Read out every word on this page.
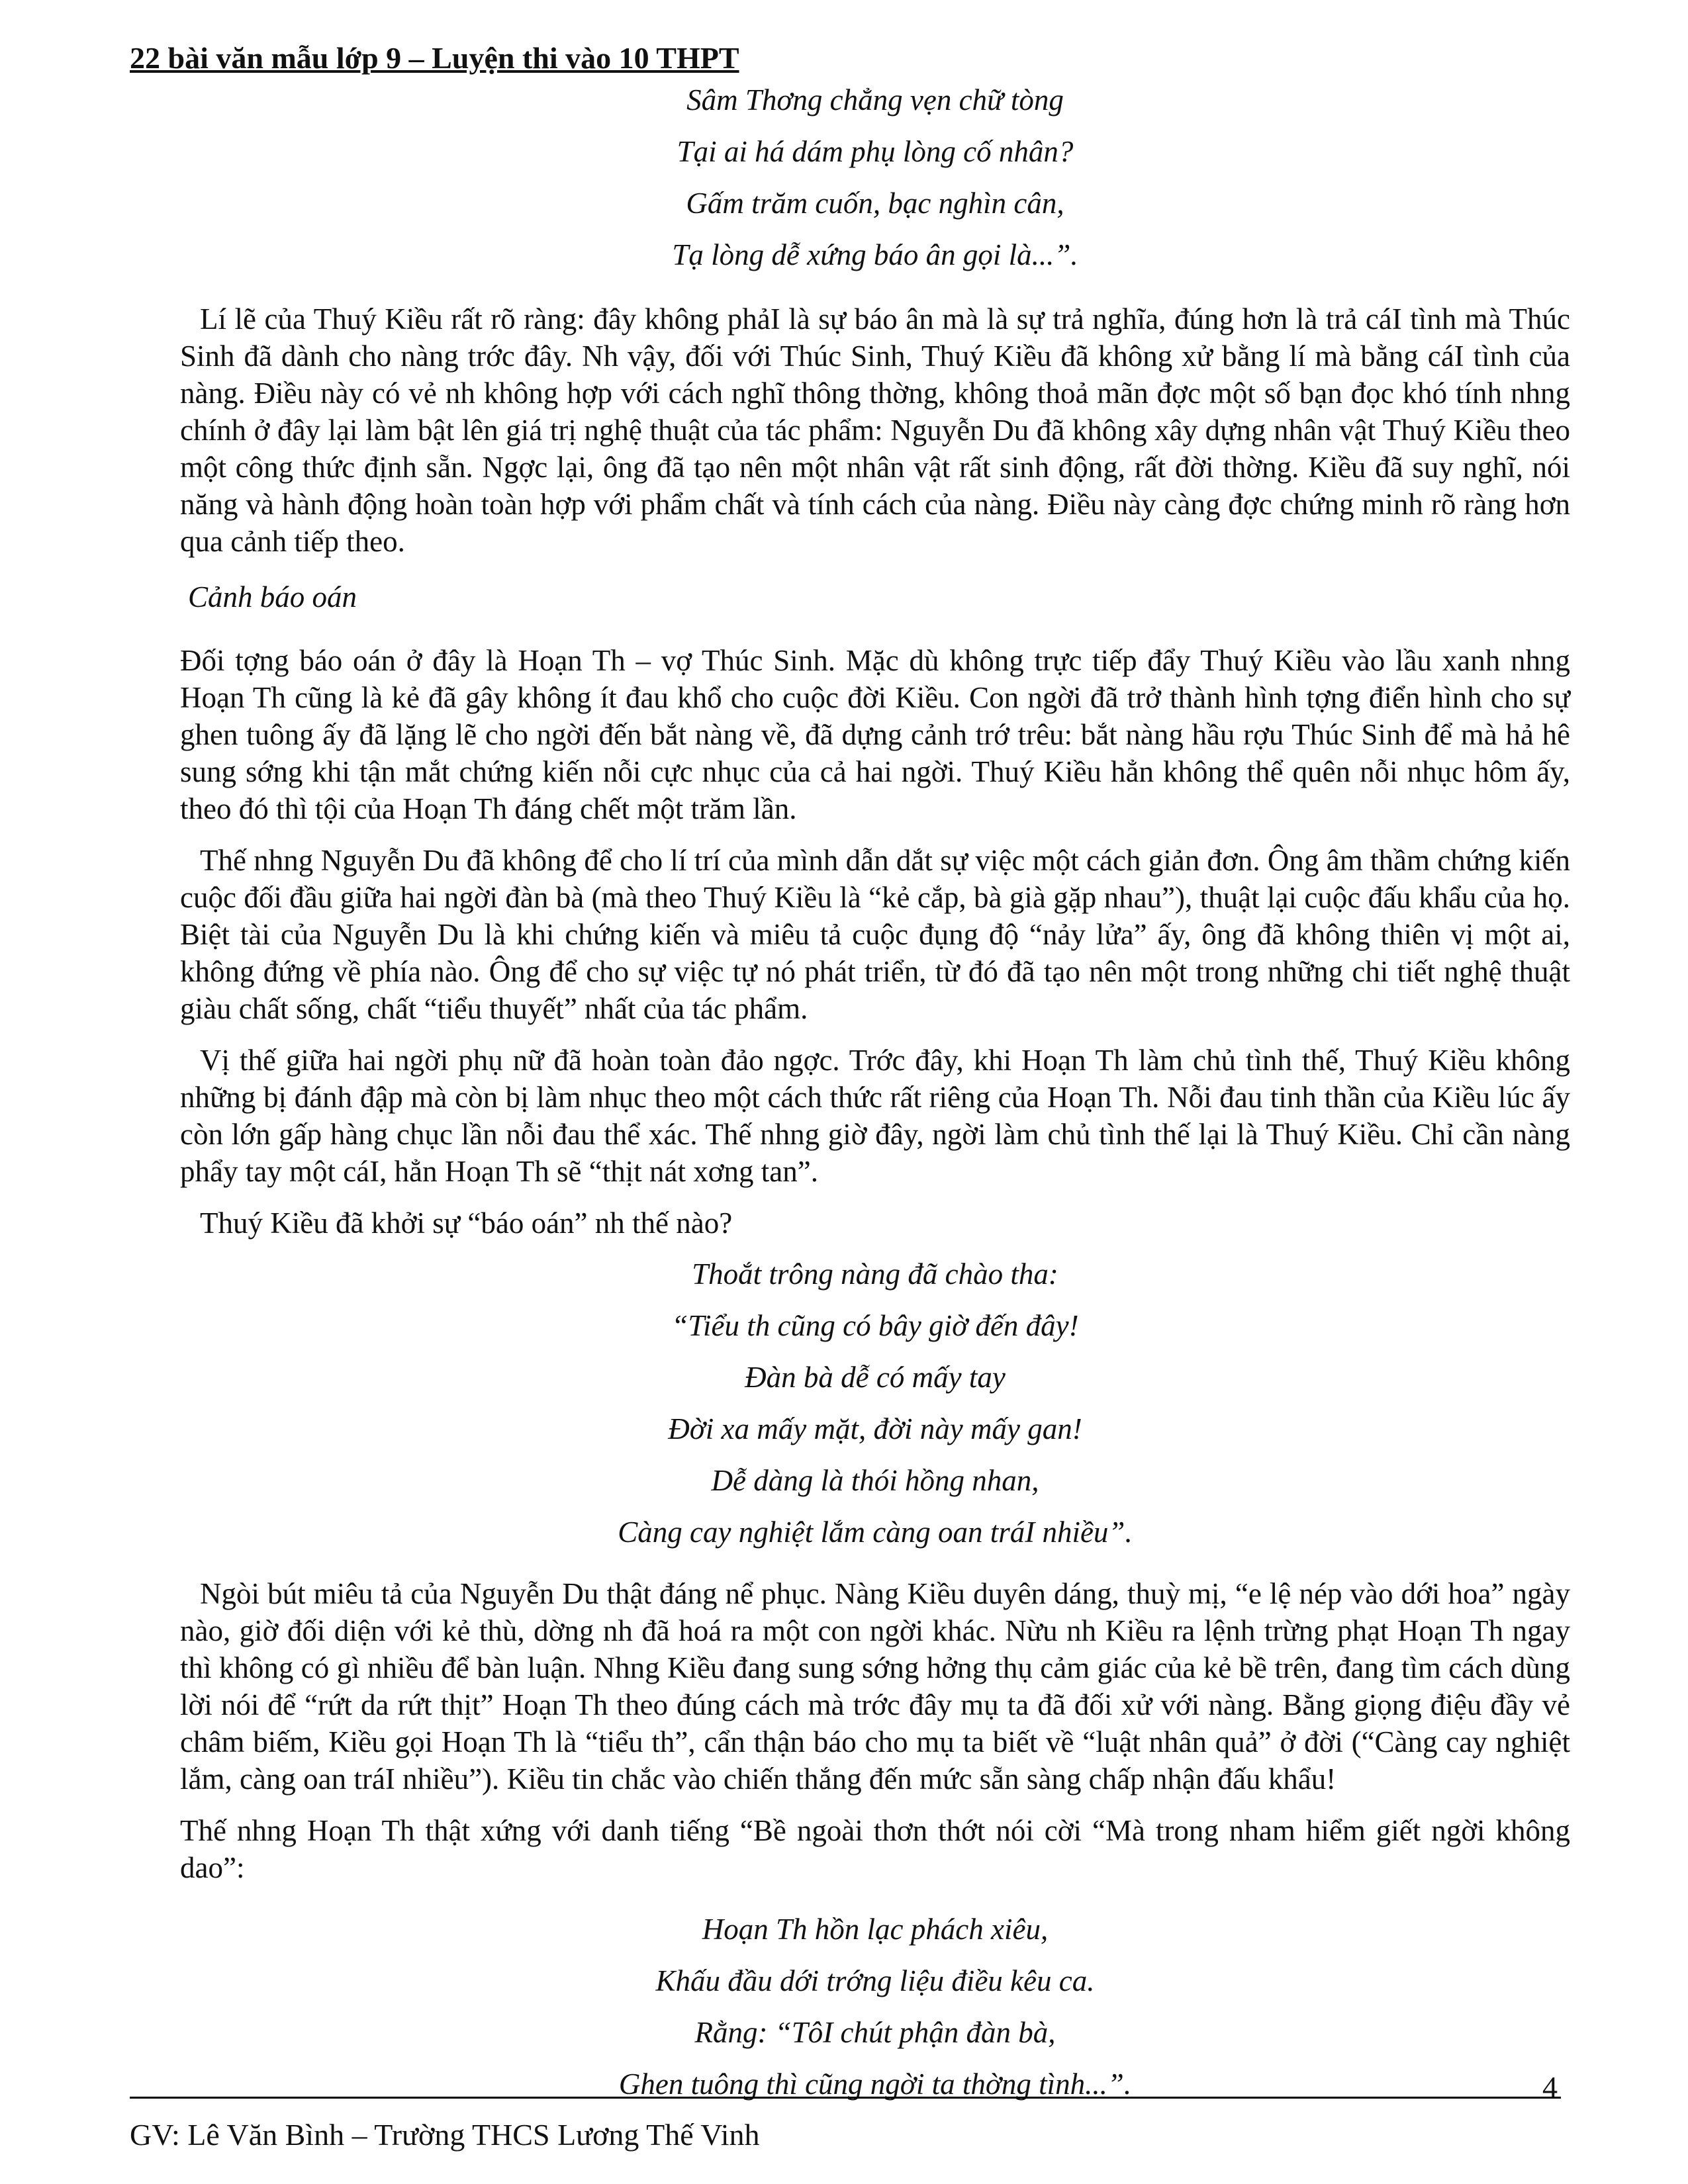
22 bài văn mẫu lớp 9 – Luyện thi vào 10 THPT
Sâm Thơng chẳng vẹn chữ tòng
Tại ai há dám phụ lòng cố nhân?
Gấm trăm cuốn, bạc nghìn cân,
Tạ lòng dễ xứng báo ân gọi là...”.

Lí lẽ của Thuý Kiều rất rõ ràng: đây không phảI là sự báo ân mà là sự trả nghĩa, đúng hơn là trả cáI tình mà Thúc Sinh đã dành cho nàng trớc đây. Nh vậy, đối với Thúc Sinh, Thuý Kiều đã không xử bằng lí mà bằng cáI tình của nàng. Điều này có vẻ nh không hợp với cách nghĩ thông thờng, không thoả mãn đợc một số bạn đọc khó tính nhng chính ở đây lại làm bật lên giá trị nghệ thuật của tác phẩm: Nguyễn Du đã không xây dựng nhân vật Thuý Kiều theo một công thức định sẵn. Ngợc lại, ông đã tạo nên một nhân vật rất sinh động, rất đời thờng. Kiều đã suy nghĩ, nói năng và hành động hoàn toàn hợp với phẩm chất và tính cách của nàng. Điều này càng đợc chứng minh rõ ràng hơn qua cảnh tiếp theo.

Cảnh báo oán

Đối tợng báo oán ở đây là Hoạn Th – vợ Thúc Sinh. Mặc dù không trực tiếp đẩy Thuý Kiều vào lầu xanh nhng Hoạn Th cũng là kẻ đã gây không ít đau khổ cho cuộc đời Kiều. Con ngời đã trở thành hình tợng điển hình cho sự ghen tuông ấy đã lặng lẽ cho ngời đến bắt nàng về, đã dựng cảnh trớ trêu: bắt nàng hầu rợu Thúc Sinh để mà hả hê sung sớng khi tận mắt chứng kiến nỗi cực nhục của cả hai ngời. Thuý Kiều hẳn không thể quên nỗi nhục hôm ấy, theo đó thì tội của Hoạn Th đáng chết một trăm lần.

Thế nhng Nguyễn Du đã không để cho lí trí của mình dẫn dắt sự việc một cách giản đơn. Ông âm thầm chứng kiến cuộc đối đầu giữa hai ngời đàn bà (mà theo Thuý Kiều là “kẻ cắp, bà già gặp nhau”), thuật lại cuộc đấu khẩu của họ. Biệt tài của Nguyễn Du là khi chứng kiến và miêu tả cuộc đụng độ “nảy lửa” ấy, ông đã không thiên vị một ai, không đứng về phía nào. Ông để cho sự việc tự nó phát triển, từ đó đã tạo nên một trong những chi tiết nghệ thuật giàu chất sống, chất “tiểu thuyết” nhất của tác phẩm.

Vị thế giữa hai ngời phụ nữ đã hoàn toàn đảo ngợc. Trớc đây, khi Hoạn Th làm chủ tình thế, Thuý Kiều không những bị đánh đập mà còn bị làm nhục theo một cách thức rất riêng của Hoạn Th. Nỗi đau tinh thần của Kiều lúc ấy còn lớn gấp hàng chục lần nỗi đau thể xác. Thế nhng giờ đây, ngời làm chủ tình thế lại là Thuý Kiều. Chỉ cần nàng phẩy tay một cáI, hẳn Hoạn Th sẽ “thịt nát xơng tan”.

Thuý Kiều đã khởi sự “báo oán” nh thế nào?

Thoắt trông nàng đã chào tha:
“Tiểu th cũng có bây giờ đến đây!
Đàn bà dễ có mấy tay
Đời xa mấy mặt, đời này mấy gan!
Dễ dàng là thói hồng nhan,
Càng cay nghiệt lắm càng oan tráI nhiều”.

Ngòi bút miêu tả của Nguyễn Du thật đáng nể phục. Nàng Kiều duyên dáng, thuỳ mị, “e lệ nép vào dới hoa” ngày nào, giờ đối diện với kẻ thù, dờng nh đã hoá ra một con ngời khác. Nừu nh Kiều ra lệnh trừng phạt Hoạn Th ngay thì không có gì nhiều để bàn luận. Nhng Kiều đang sung sớng hởng thụ cảm giác của kẻ bề trên, đang tìm cách dùng lời nói để “rứt da rứt thịt” Hoạn Th theo đúng cách mà trớc đây mụ ta đã đối xử với nàng. Bằng giọng điệu đầy vẻ châm biếm, Kiều gọi Hoạn Th là “tiểu th”, cẩn thận báo cho mụ ta biết về “luật nhân quả” ở đời (“Càng cay nghiệt lắm, càng oan tráI nhiều”). Kiều tin chắc vào chiến thắng đến mức sẵn sàng chấp nhận đấu khẩu!

Thế nhng Hoạn Th thật xứng với danh tiếng “Bề ngoài thơn thớt nói cời “Mà trong nham hiểm giết ngời không dao”:

Hoạn Th hồn lạc phách xiêu,
Khấu đầu dới trớng liệu điều kêu ca.
Rằng: “TôI chút phận đàn bà,
Ghen tuông thì cũng ngời ta thờng tình...”.	4
GV: Lê Văn Bình – Trường THCS Lương Thế Vinh
